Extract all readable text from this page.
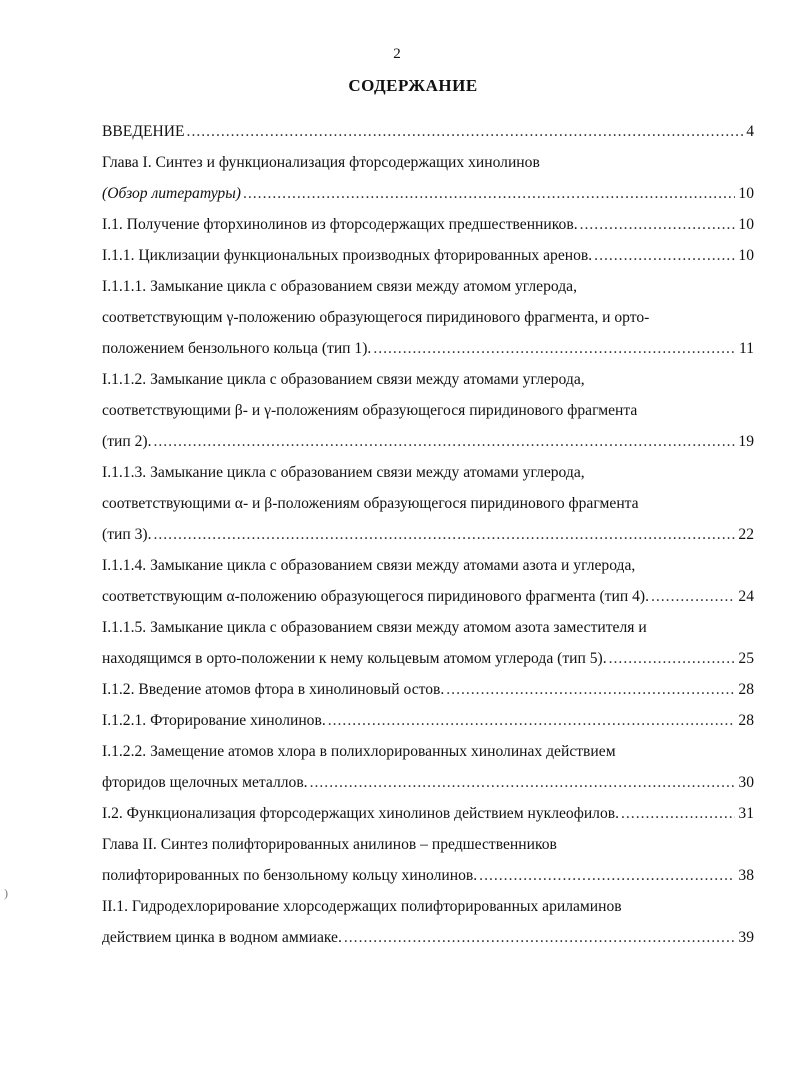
2
СОДЕРЖАНИЕ
ВВЕДЕНИЕ .....	4
Глава I. Синтез и функционализация фторсодержащих хинолинов
(Обзор литературы) .....	10
I.1. Получение фторхинолинов из фторсодержащих предшественников. .....	10
I.1.1. Циклизации функциональных производных фторированных аренов. .....	10
I.1.1.1. Замыкание цикла с образованием связи между атомом углерода,
соответствующим γ-положению образующегося пиридинового фрагмента, и орто-
положением бензольного кольца (тип 1). .....	11
I.1.1.2. Замыкание цикла с образованием связи между атомами углерода,
соответствующими β- и γ-положениям образующегося пиридинового фрагмента
(тип 2). .....	19
I.1.1.3. Замыкание цикла с образованием связи между атомами углерода,
соответствующими α- и β-положениям образующегося пиридинового фрагмента
(тип 3). .....	22
I.1.1.4. Замыкание цикла с образованием связи между атомами азота и углерода,
соответствующим α-положению образующегося пиридинового фрагмента (тип 4). .....	24
I.1.1.5. Замыкание цикла с образованием связи между атомом азота заместителя и
находящимся в орто-положении к нему кольцевым атомом углерода (тип 5). .....	25
I.1.2. Введение атомов фтора в хинолиновый остов. .....	28
I.1.2.1. Фторирование хинолинов. .....	28
I.1.2.2. Замещение атомов хлора в полихлорированных хинолинах действием
фторидов щелочных металлов. .....	30
I.2. Функционализация фторсодержащих хинолинов действием нуклеофилов. .....	31
Глава II. Синтез полифторированных анилинов – предшественников
полифторированных по бензольному кольцу хинолинов. .....	38
II.1. Гидродехлорирование хлорсодержащих полифторированных ариламинов
действием цинка в водном аммиаке. .....	39
)
